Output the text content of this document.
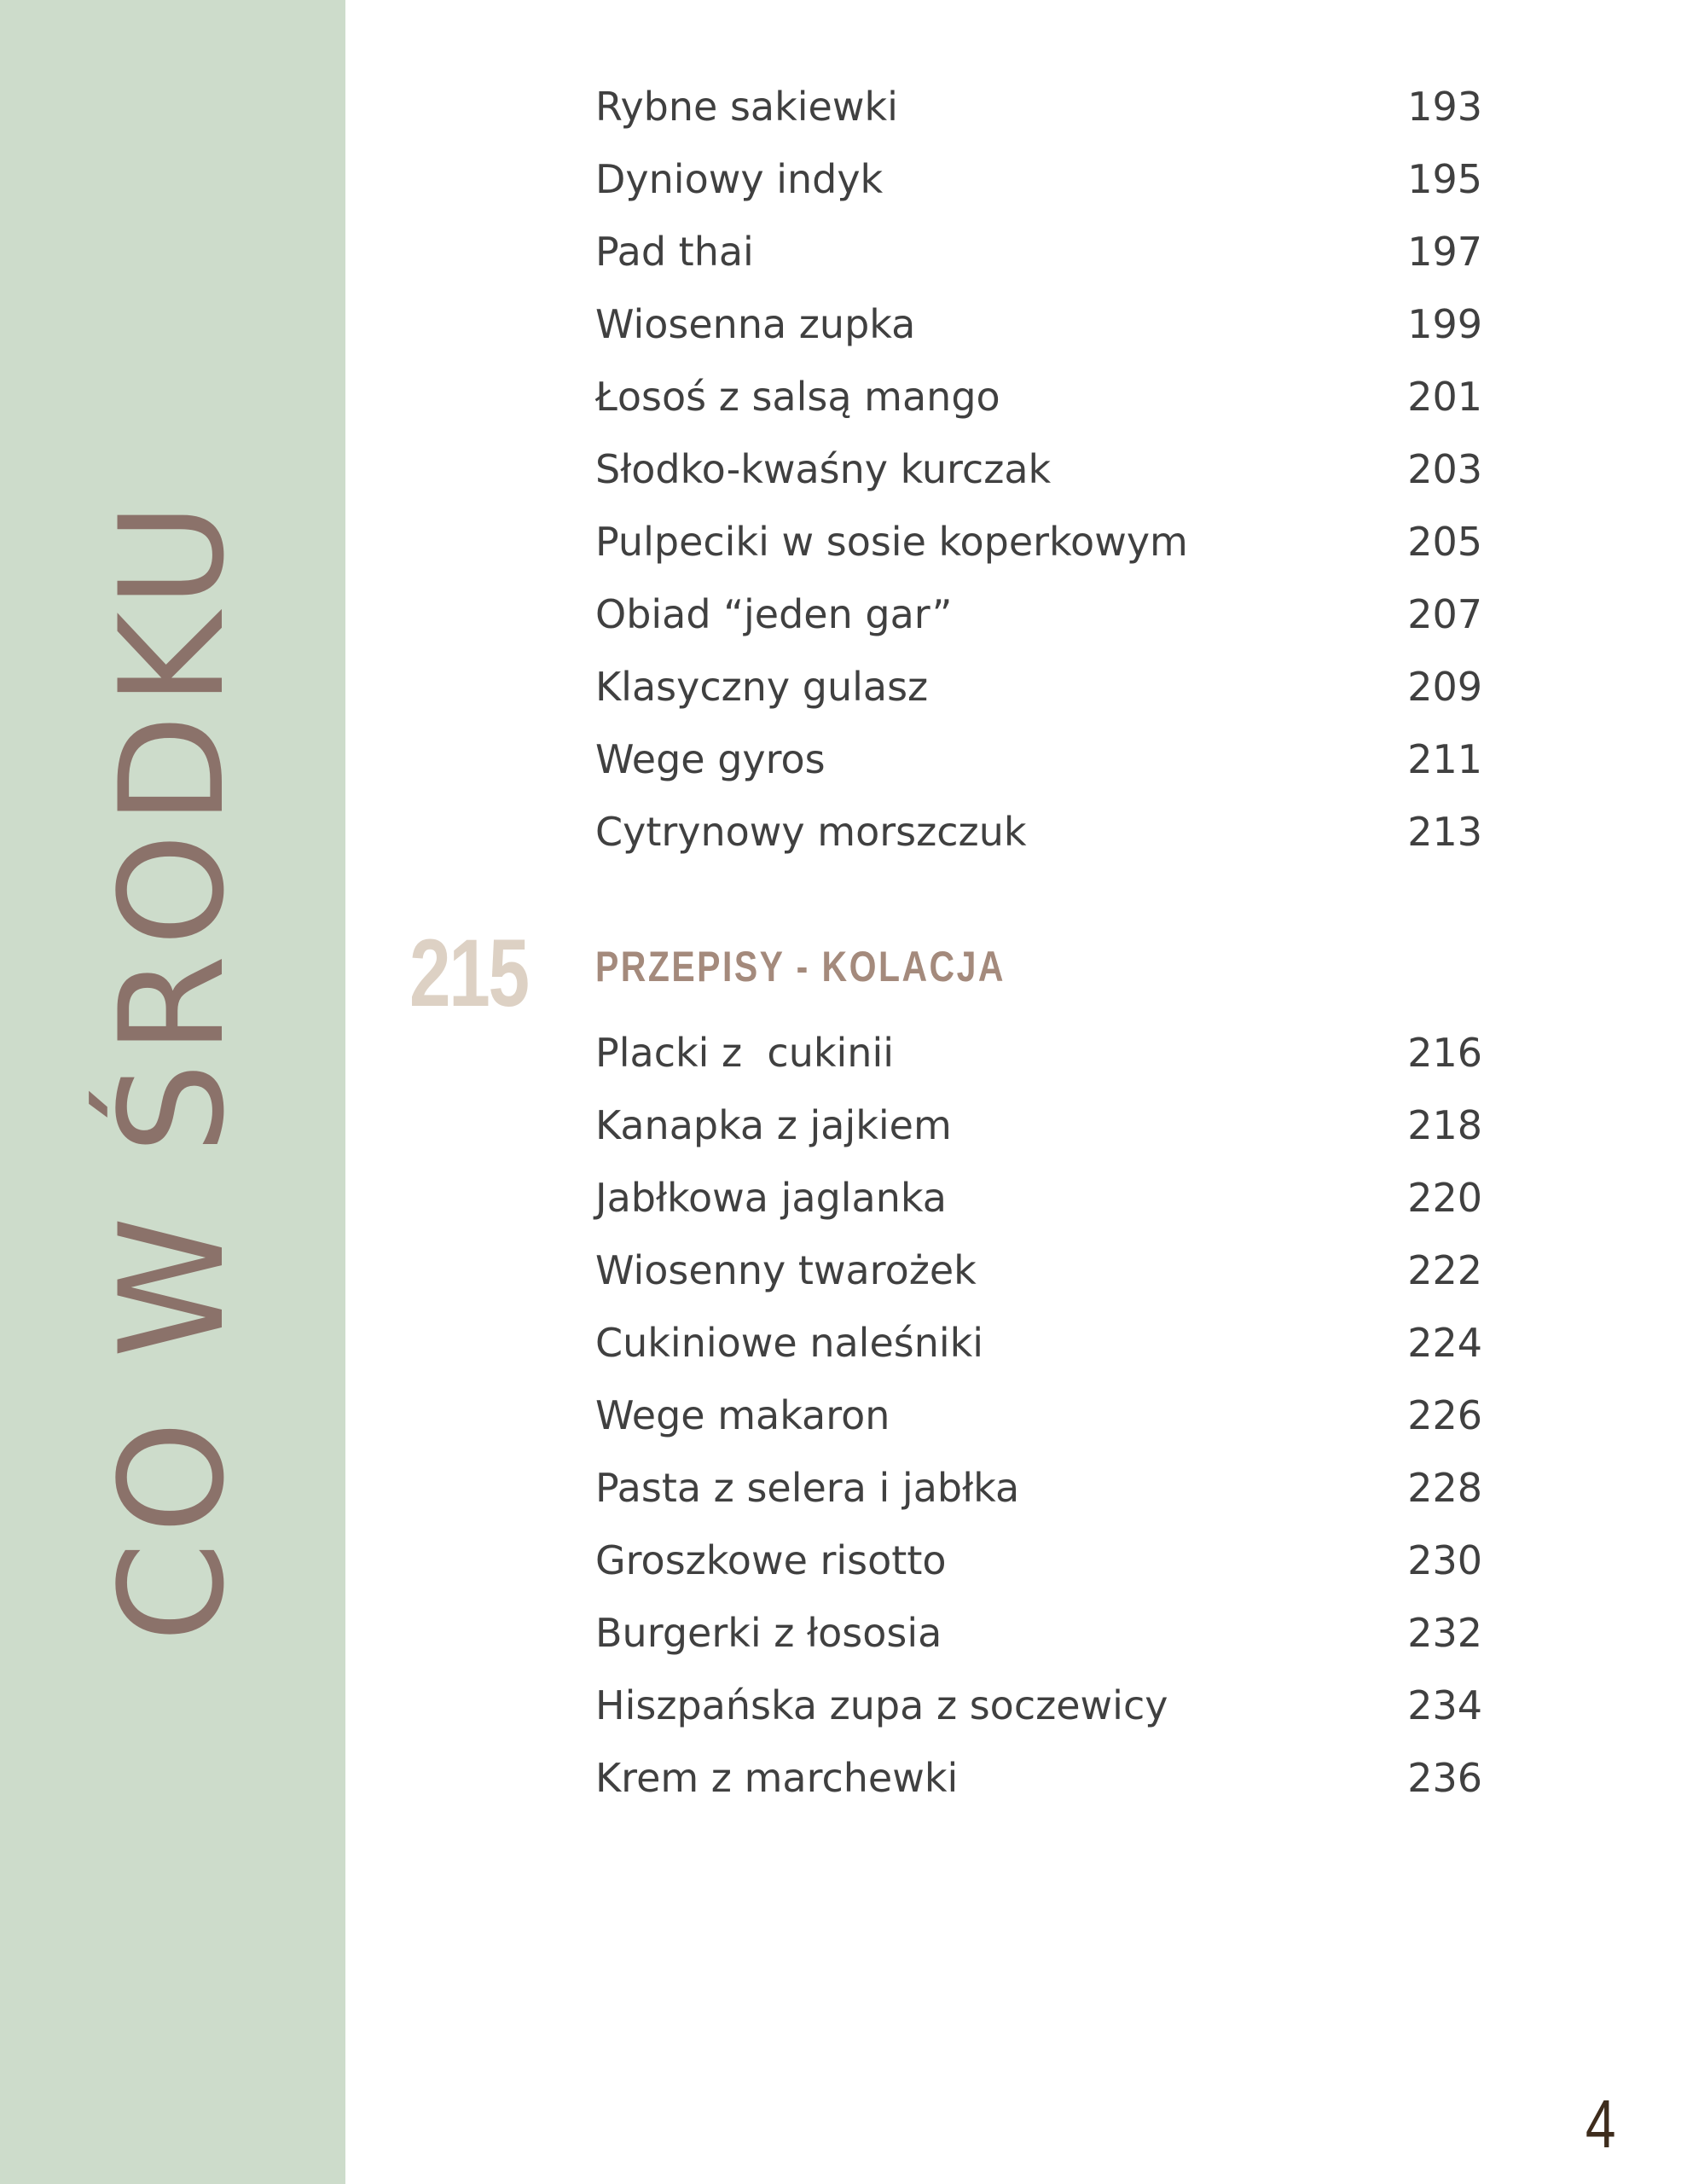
CO W ŚRODKU
Rybne sakiewki	193
Dyniowy indyk	195
Pad thai	197
Wiosenna zupka	199
Łosoś z salsą mango	201
Słodko-kwaśny kurczak	203
Pulpeciki w sosie koperkowym	205
Obiad “jeden gar”	207
Klasyczny gulasz	209
Wege gyros	211
Cytrynowy morszczuk	213
215 PRZEPISY - KOLACJA
Placki z  cukinii	216
Kanapka z jajkiem	218
Jabłkowa jaglanka	220
Wiosenny twarożek	222
Cukiniowe naleśniki	224
Wege makaron	226
Pasta z selera i jabłka	228
Groszkowe risotto	230
Burgerki z łososia	232
Hiszpańska zupa z soczewicy	234
Krem z marchewki	236
4
